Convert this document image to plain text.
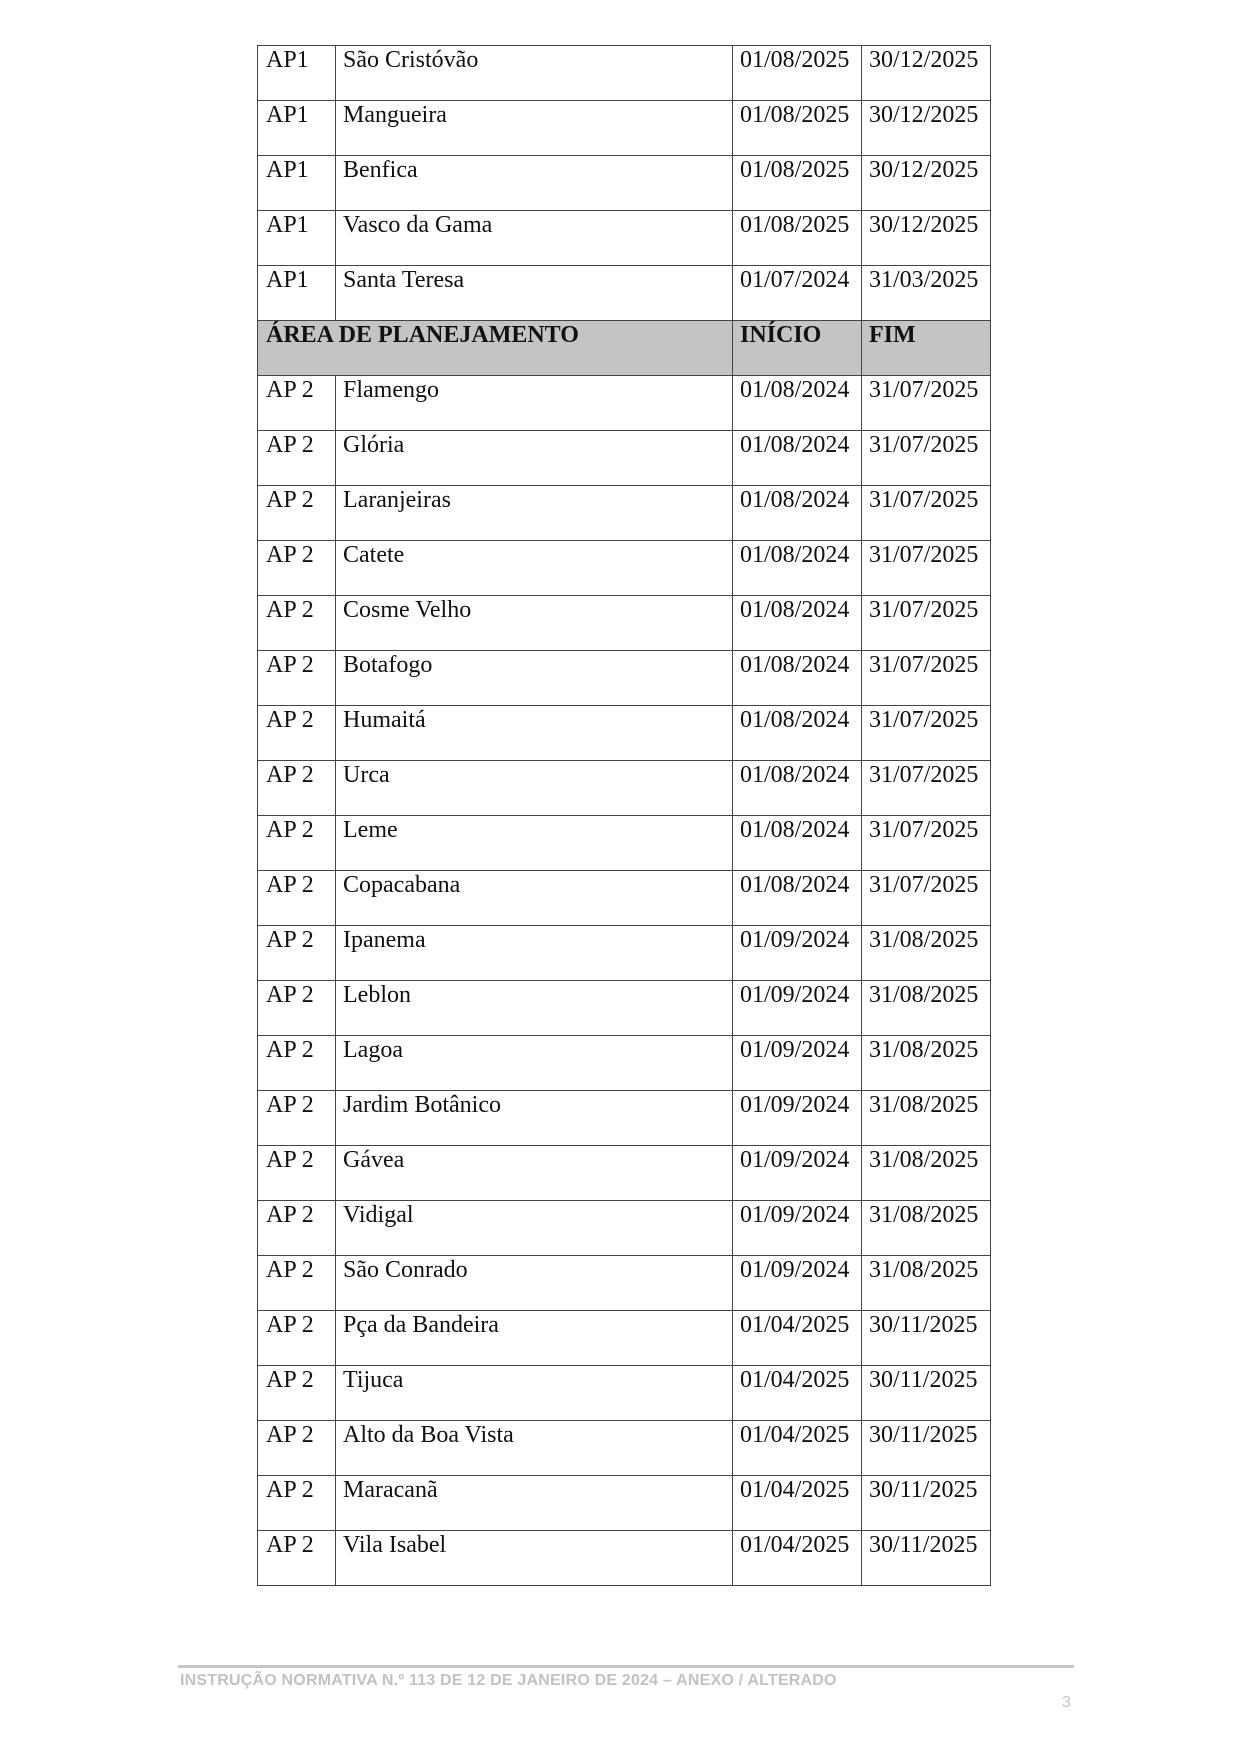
AP1	São Cristóvão	01/08/2025	30/12/2025
AP1	Mangueira	01/08/2025	30/12/2025
AP1	Benfica	01/08/2025	30/12/2025
AP1	Vasco da Gama	01/08/2025	30/12/2025
AP1	Santa Teresa	01/07/2024	31/03/2025
ÁREA DE PLANEJAMENTO		INÍCIO	FIM
AP 2	Flamengo	01/08/2024	31/07/2025
AP 2	Glória	01/08/2024	31/07/2025
AP 2	Laranjeiras	01/08/2024	31/07/2025
AP 2	Catete	01/08/2024	31/07/2025
AP 2	Cosme Velho	01/08/2024	31/07/2025
AP 2	Botafogo	01/08/2024	31/07/2025
AP 2	Humaitá	01/08/2024	31/07/2025
AP 2	Urca	01/08/2024	31/07/2025
AP 2	Leme	01/08/2024	31/07/2025
AP 2	Copacabana	01/08/2024	31/07/2025
AP 2	Ipanema	01/09/2024	31/08/2025
AP 2	Leblon	01/09/2024	31/08/2025
AP 2	Lagoa	01/09/2024	31/08/2025
AP 2	Jardim Botânico	01/09/2024	31/08/2025
AP 2	Gávea	01/09/2024	31/08/2025
AP 2	Vidigal	01/09/2024	31/08/2025
AP 2	São Conrado	01/09/2024	31/08/2025
AP 2	Pça da Bandeira	01/04/2025	30/11/2025
AP 2	Tijuca	01/04/2025	30/11/2025
AP 2	Alto da Boa Vista	01/04/2025	30/11/2025
AP 2	Maracanã	01/04/2025	30/11/2025
AP 2	Vila Isabel	01/04/2025	30/11/2025
INSTRUÇÃO NORMATIVA N.º 113 DE 12 DE JANEIRO DE 2024 – ANEXO / ALTERADO
3
